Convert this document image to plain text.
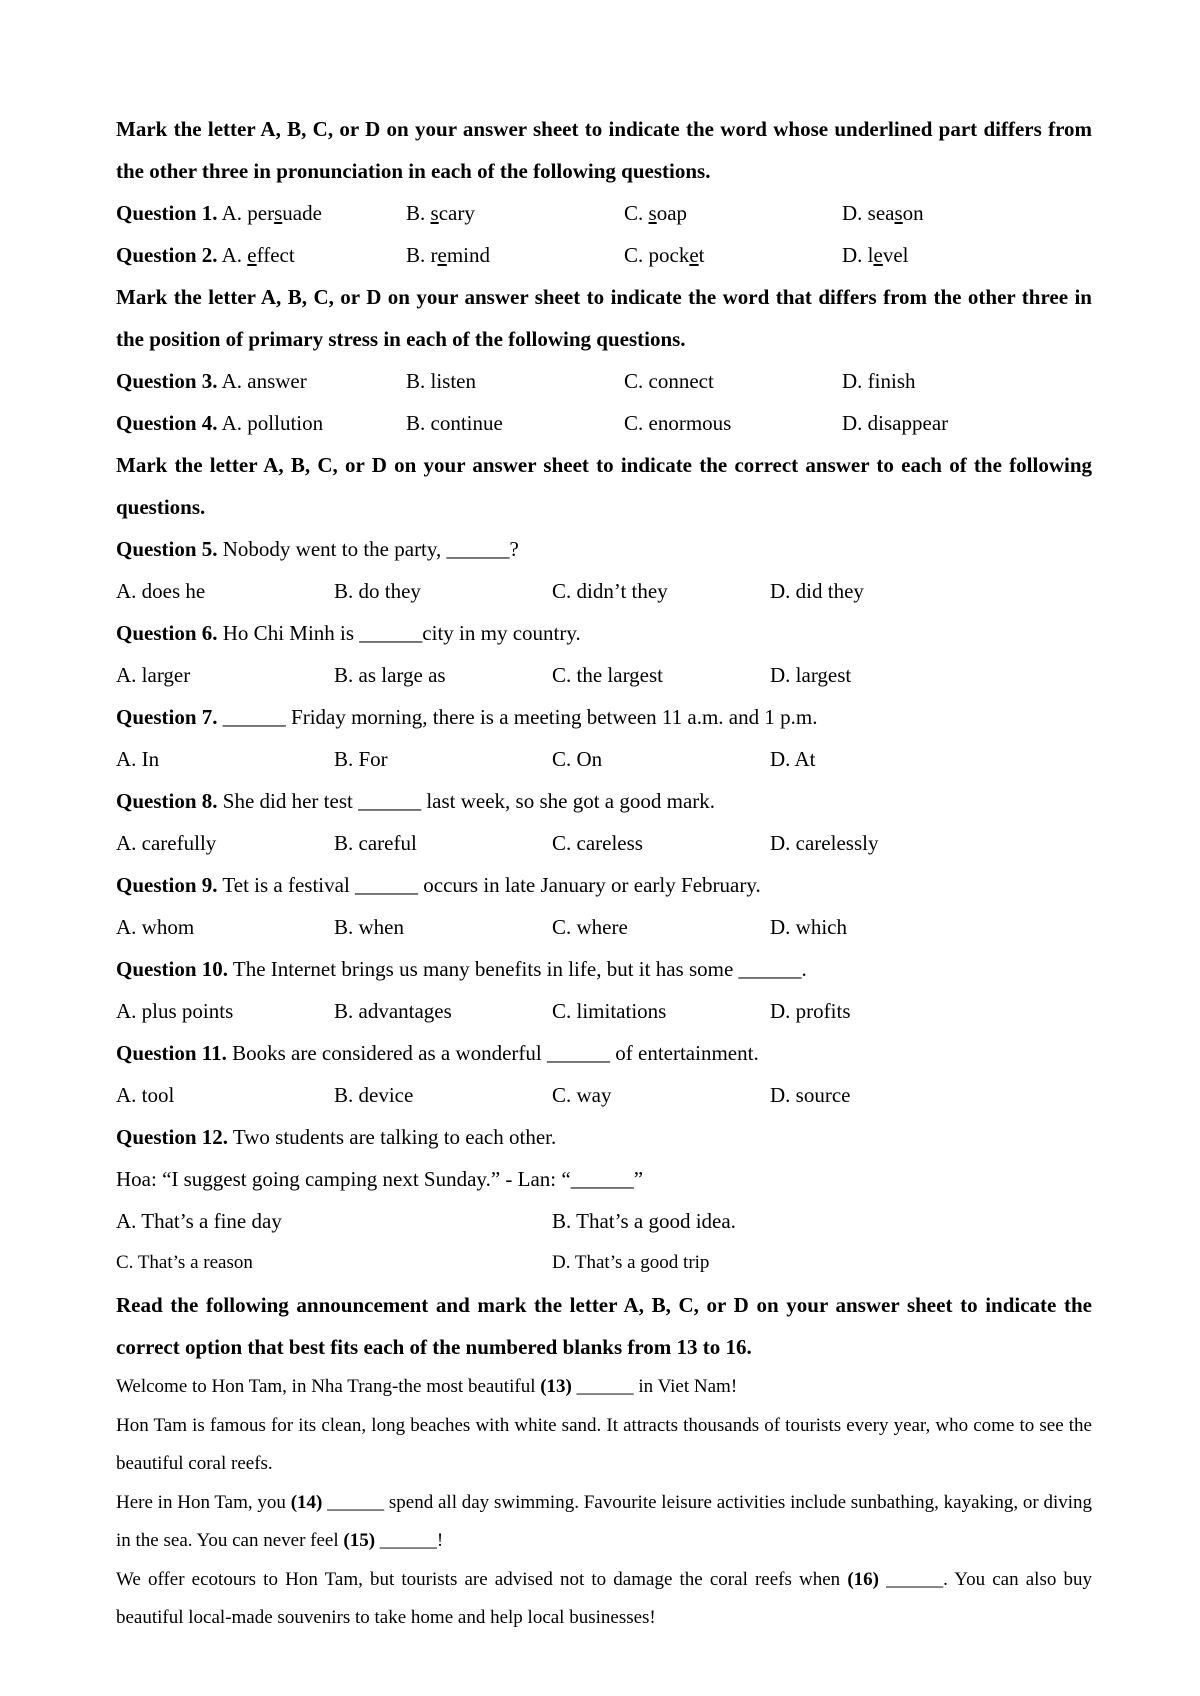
Mark the letter A, B, C, or D on your answer sheet to indicate the word whose underlined part differs from the other three in pronunciation in each of the following questions.
Question 1. A. persuade	B. scary	C. soap	D. season
Question 2. A. effect	B. remind	C. pocket	D. level
Mark the letter A, B, C, or D on your answer sheet to indicate the word that differs from the other three in the position of primary stress in each of the following questions.
Question 3. A. answer	B. listen	C. connect	D. finish
Question 4. A. pollution	B. continue	C. enormous	D. disappear
Mark the letter A, B, C, or D on your answer sheet to indicate the correct answer to each of the following questions.
Question 5. Nobody went to the party, ______?
A. does he	B. do they	C. didn’t they	D. did they
Question 6. Ho Chi Minh is ______city in my country.
A. larger	B. as large as	C. the largest	D. largest
Question 7. ______ Friday morning, there is a meeting between 11 a.m. and 1 p.m.
A. In	B. For	C. On	D. At
Question 8. She did her test ______ last week, so she got a good mark.
A. carefully	B. careful	C. careless	D. carelessly
Question 9. Tet is a festival ______ occurs in late January or early February.
A. whom	B. when	C. where	D. which
Question 10. The Internet brings us many benefits in life, but it has some ______.
A. plus points	B. advantages	C. limitations	D. profits
Question 11. Books are considered as a wonderful ______ of entertainment.
A. tool	B. device	C. way	D. source
Question 12. Two students are talking to each other.
Hoa: “I suggest going camping next Sunday.” - Lan: “______”
A. That’s a fine day	B. That’s a good idea.
C. That’s a reason	D. That’s a good trip
Read the following announcement and mark the letter A, B, C, or D on your answer sheet to indicate the correct option that best fits each of the numbered blanks from 13 to 16.

Welcome to Hon Tam, in Nha Trang-the most beautiful (13) ______ in Viet Nam!

Hon Tam is famous for its clean, long beaches with white sand. It attracts thousands of tourists every year, who come to see the beautiful coral reefs.

Here in Hon Tam, you (14) ______ spend all day swimming. Favourite leisure activities include sunbathing, kayaking, or diving in the sea. You can never feel (15) ______!

We offer ecotours to Hon Tam, but tourists are advised not to damage the coral reefs when (16) ______. You can also buy beautiful local-made souvenirs to take home and help local businesses!
